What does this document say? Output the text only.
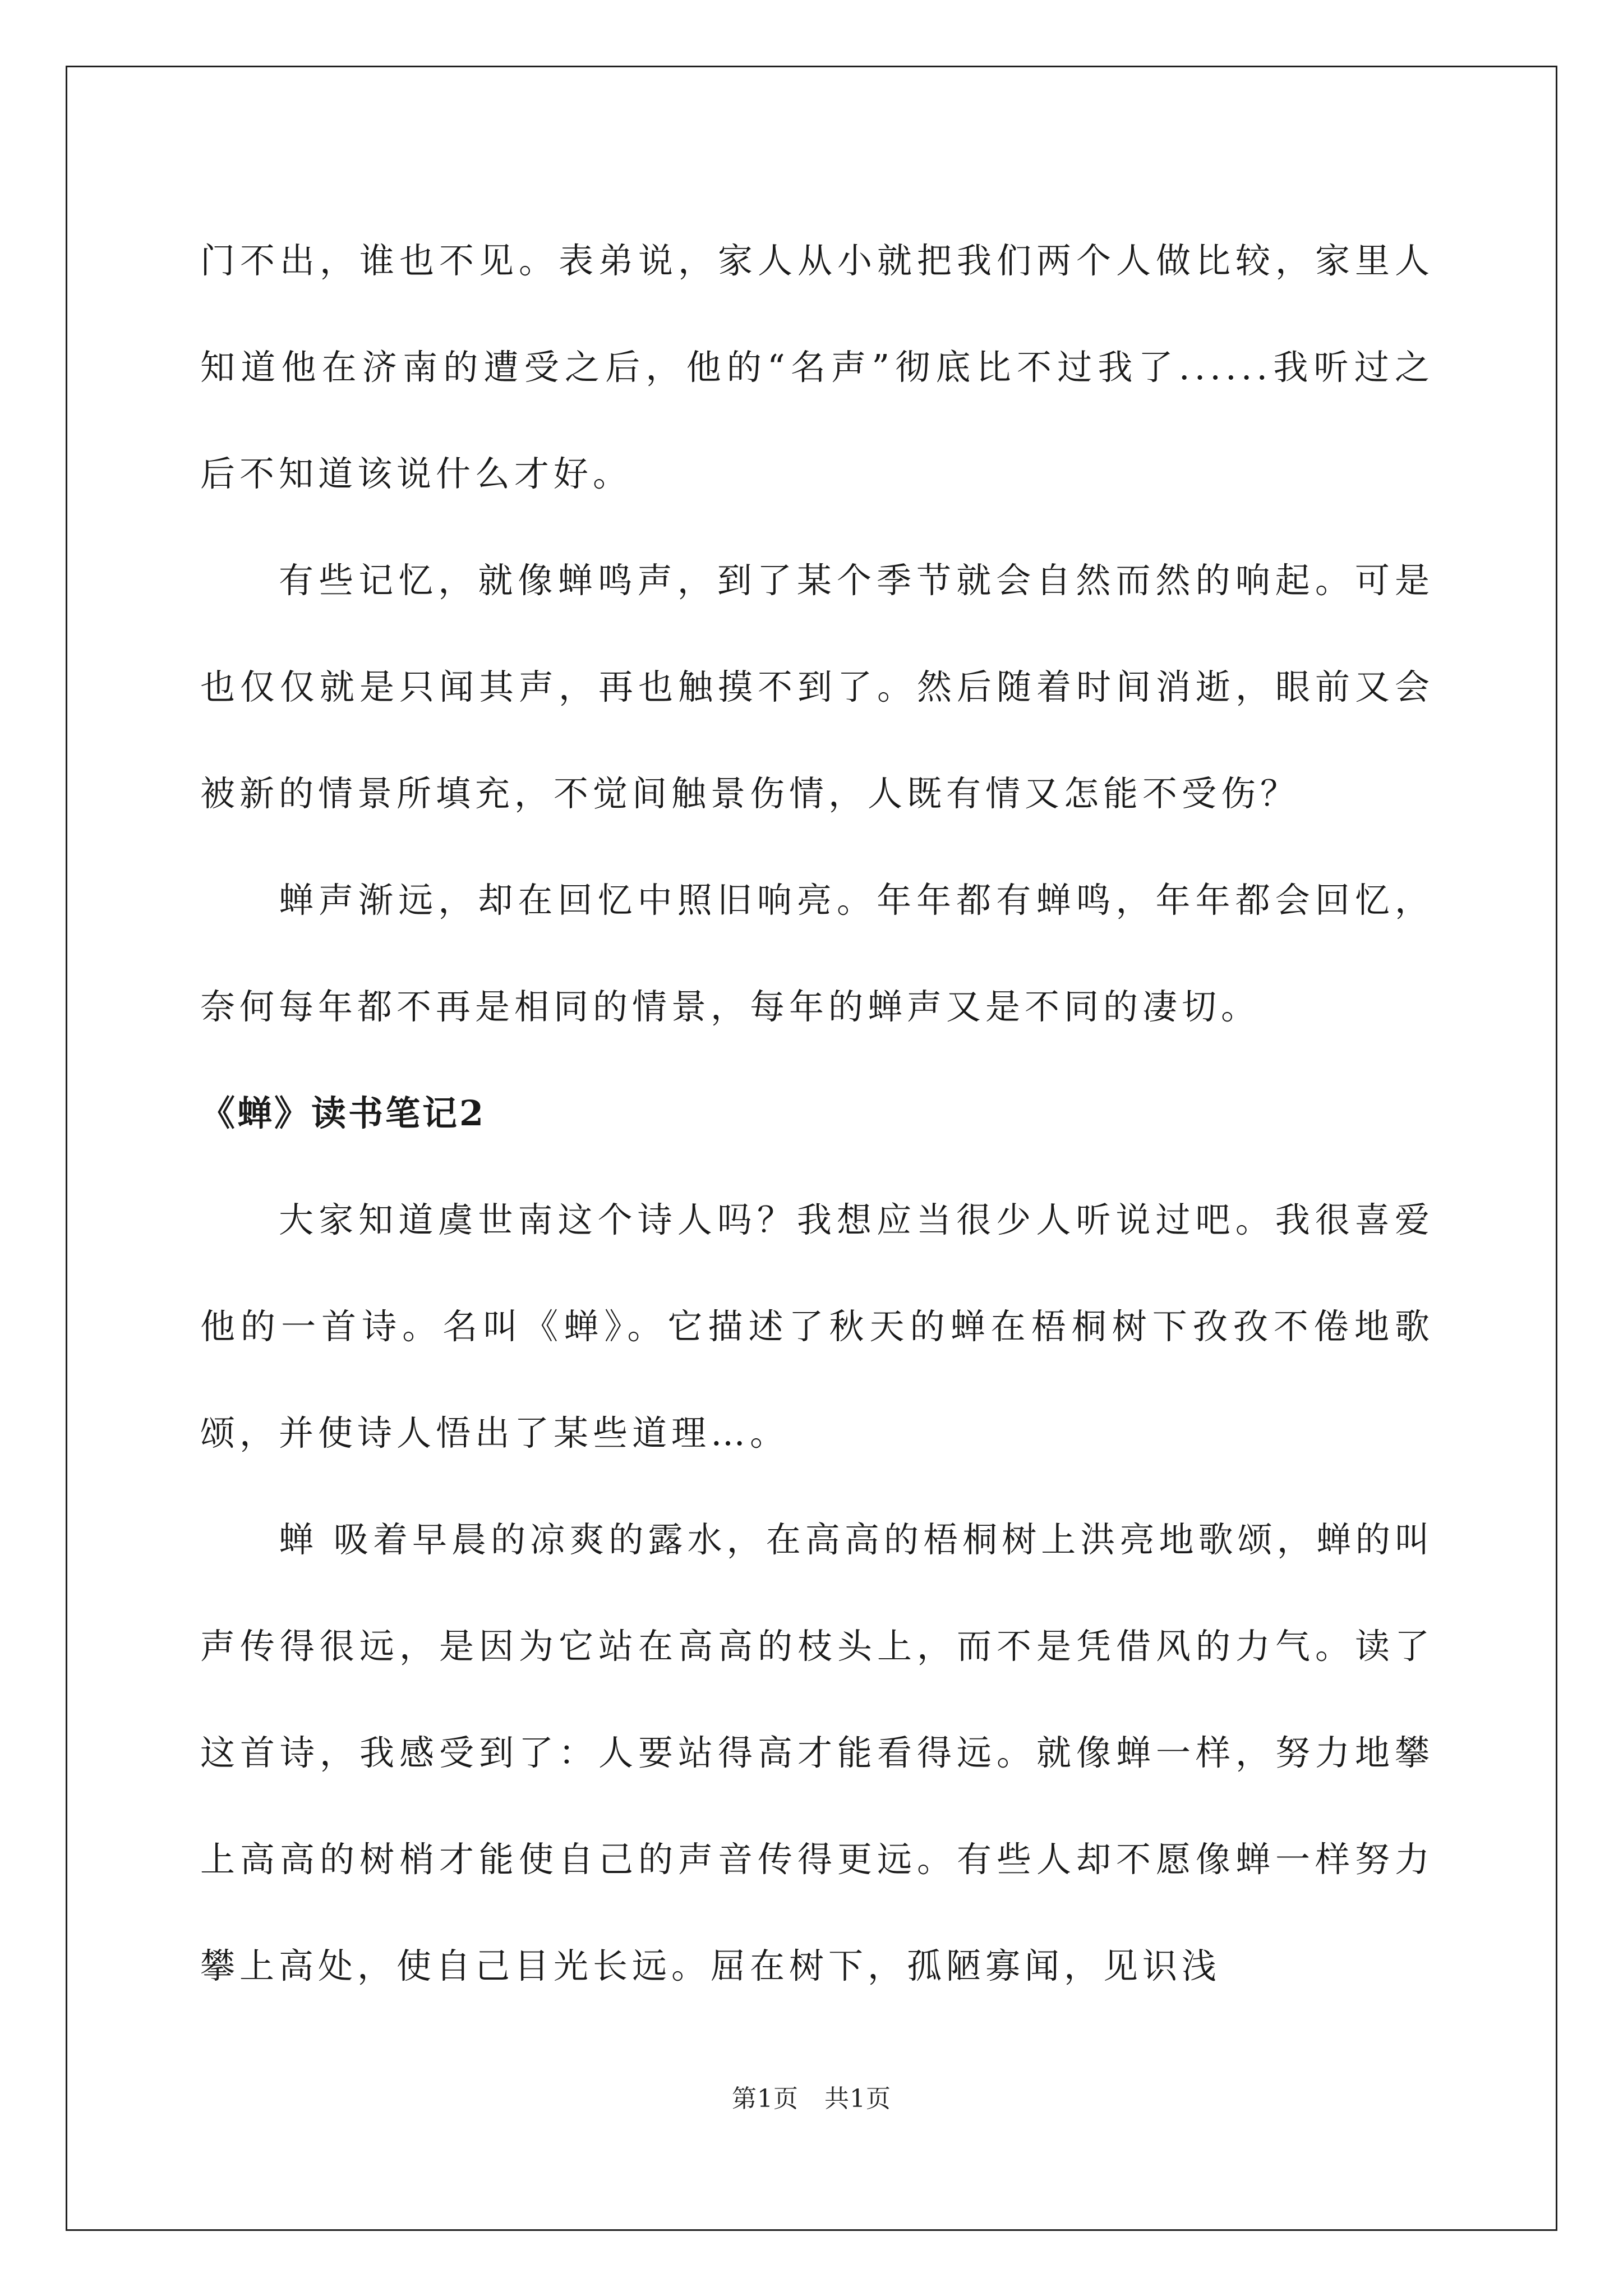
门不出，谁也不见。表弟说，家人从小就把我们两个人做比较，家里人知道他在济南的遭受之后，他的“名声”彻底比不过我了......我听过之后不知道该说什么才好。

有些记忆，就像蝉鸣声，到了某个季节就会自然而然的响起。可是也仅仅就是只闻其声，再也触摸不到了。然后随着时间消逝，眼前又会被新的情景所填充，不觉间触景伤情，人既有情又怎能不受伤？

蝉声渐远，却在回忆中照旧响亮。年年都有蝉鸣，年年都会回忆，奈何每年都不再是相同的情景，每年的蝉声又是不同的凄切。

《蝉》读书笔记2

大家知道虞世南这个诗人吗？我想应当很少人听说过吧。我很喜爱他的一首诗。名叫《蝉》。它描述了秋天的蝉在梧桐树下孜孜不倦地歌颂，并使诗人悟出了某些道理…。

蝉 吸着早晨的凉爽的露水，在高高的梧桐树上洪亮地歌颂，蝉的叫声传得很远，是因为它站在高高的枝头上，而不是凭借风的力气。读了这首诗，我感受到了：人要站得高才能看得远。就像蝉一样，努力地攀上高高的树梢才能使自己的声音传得更远。有些人却不愿像蝉一样努力攀上高处，使自己目光长远。屈在树下，孤陋寡闻，见识浅

第1页 共1页
